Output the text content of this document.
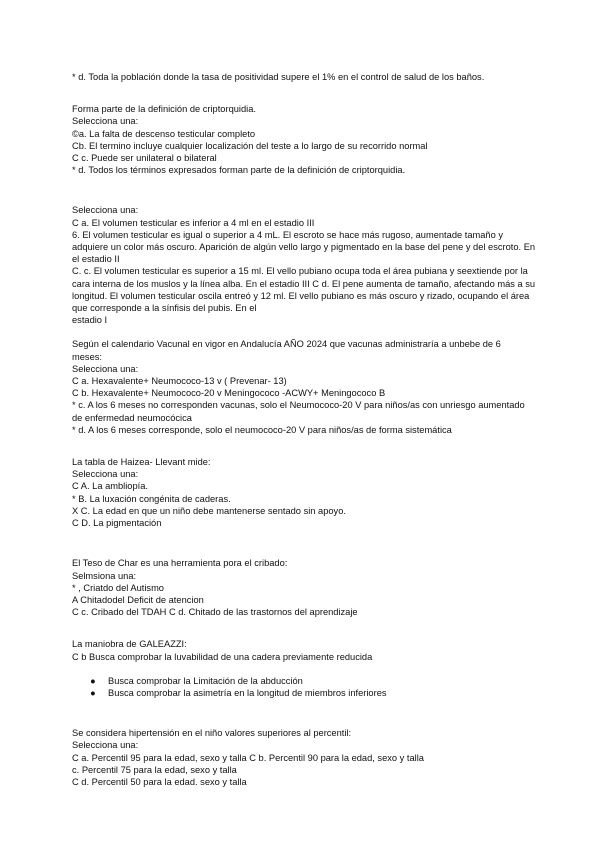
* d. Toda la población donde la tasa de positividad supere el 1% en el control de salud de los baños.
Forma parte de la definición de criptorquidia.
Selecciona una:
©a. La falta de descenso testicular completo
Cb. El termino incluye cualquier localización del teste a lo largo de su recorrido normal
C c. Puede ser unilateral o bilateral
* d. Todos los términos expresados forman parte de la definición de criptorquidia.
Selecciona una:
C a. El volumen testicular es inferior a 4 ml en el estadio III
6. El volumen testicular es igual o superior a 4 mL. El escroto se hace más rugoso, aumentade tamaño y
adquiere un color más oscuro. Aparición de algún vello largo y pigmentado en la base del pene y del escroto. En
el estadio II
C. c. El volumen testicular es superior a 15 ml. El vello pubiano ocupa toda el área pubiana y seextiende por la
cara interna de los muslos y la línea alba. En el estadio III C d. El pene aumenta de tamaño, afectando más a su
longitud. El volumen testicular oscila entreó y 12 ml. El vello pubiano es más oscuro y rizado, ocupando el área
que corresponde a la sínfisis del pubis. En el
estadio I
Según el calendario Vacunal en vigor en Andalucía AÑO 2024 que vacunas administraría a unbebe de 6
meses:
Selecciona una:
C a. Hexavalente+ Neumococo-13 v ( Prevenar- 13)
C b. Hexavalente+ Neumococo-20 v Meningococo -ACWY+ Meningococo B
* c. A los 6 meses no corresponden vacunas, solo el Neumococo-20 V para niños/as con unriesgo aumentado
de enfermedad neumocócica
* d. A los 6 meses corresponde, solo el neumococo-20 V para niños/as de forma sistemática
La tabla de Haizea- Llevant mide:
Selecciona una:
C A. La ambliopía.
* B. La luxación congénita de caderas.
X C. La edad en que un niño debe mantenerse sentado sin apoyo.
C D. La pigmentación
El Teso de Char es una herramienta pora el cribado:
Selmsiona una:
* , Criatdo del Autismo
A Chitadodel Deficit de atencion
C c. Cribado del TDAH C d. Chitado de las trastornos del aprendizaje
La maniobra de GALEAZZI:
C b Busca comprobar la luvabilidad de una cadera previamente reducida
● Busca comprobar la Limitación de la abducción
● Busca comprobar la asimetría en la longitud de miembros inferiores
Se considera hipertensión en el niño valores superiores al percentil:
Selecciona una:
C a. Percentil 95 para la edad, sexo y talla C b. Percentil 90 para la edad, sexo y talla
c. Percentil 75 para la edad, sexo y talla
C d. Percentil 50 para la edad. sexo y talla
